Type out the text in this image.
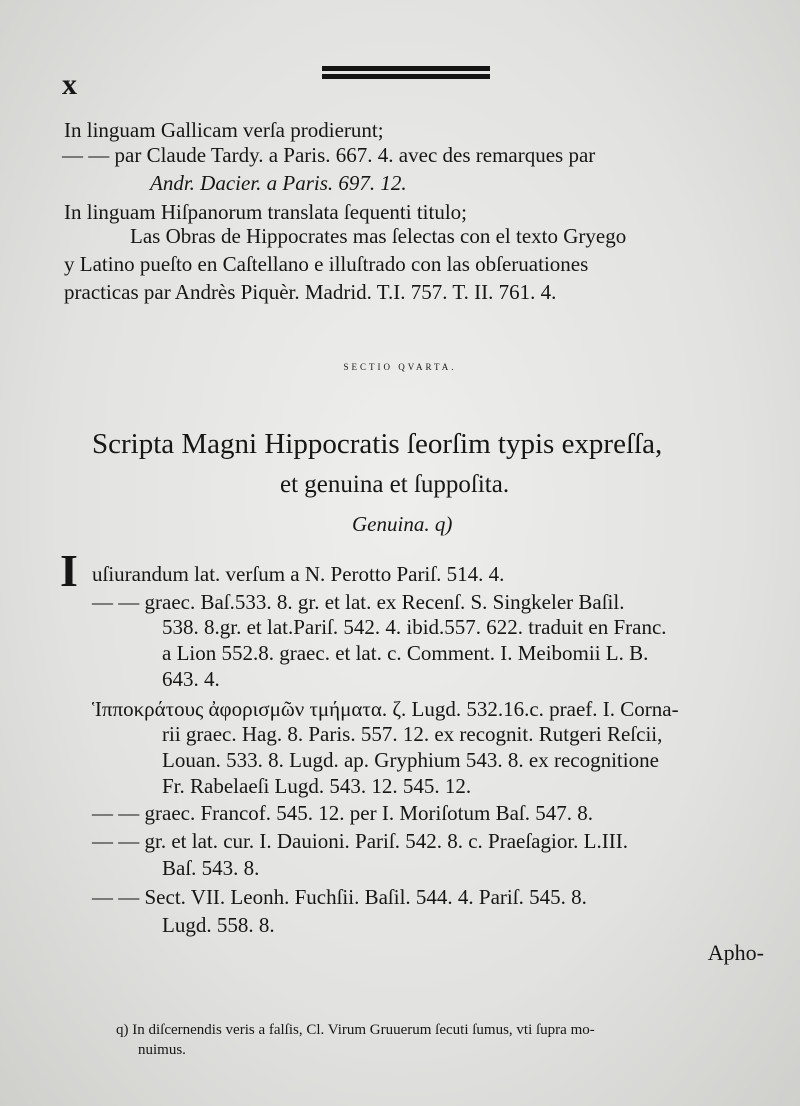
x
In linguam Gallicam verſa prodierunt;
— — par Claude Tardy. a Paris. 667. 4. avec des remarques par
Andr. Dacier. a Paris. 697. 12.
In linguam Hiſpanorum translata ſequenti titulo;
Las Obras de Hippocrates mas ſelectas con el texto Gryego
y Latino pueſto en Caſtellano e illuſtrado con las obſeruationes
practicas par Andrès Piquèr. Madrid. T.I. 757. T. II. 761. 4.
SECTIO QVARTA.
Scripta Magni Hippocratis ſeorſim typis expreſſa,
et genuina et ſuppoſita.
Genuina. q)
I uſiurandum lat. verſum a N. Perotto Pariſ. 514. 4.
— — graec. Baſ.533. 8. gr. et lat. ex Recenſ. S. Singkeler Baſil.
538. 8.gr. et lat.Pariſ. 542. 4. ibid.557. 622. traduit en Franc.
a Lion 552.8. graec. et lat. c. Comment. I. Meibomii L. B.
643. 4.
Ἱπποκράτους ἀφορισμῶν τμήματα. ζ. Lugd. 532.16.c. praef. I. Corna-
rii graec. Hag. 8. Paris. 557. 12. ex recognit. Rutgeri Reſcii,
Louan. 533. 8. Lugd. ap. Gryphium 543. 8. ex recognitione
Fr. Rabelaeſi Lugd. 543. 12. 545. 12.
— — graec. Francof. 545. 12. per I. Moriſotum Baſ. 547. 8.
— — gr. et lat. cur. I. Dauioni. Pariſ. 542. 8. c. Praeſagior. L.III.
Baſ. 543. 8.
— — Sect. VII. Leonh. Fuchſii. Baſil. 544. 4. Pariſ. 545. 8.
Lugd. 558. 8.
Apho-
q) In diſcernendis veris a falſis, Cl. Virum Gruuerum ſecuti ſumus, vti ſupra mo-
nuimus.
